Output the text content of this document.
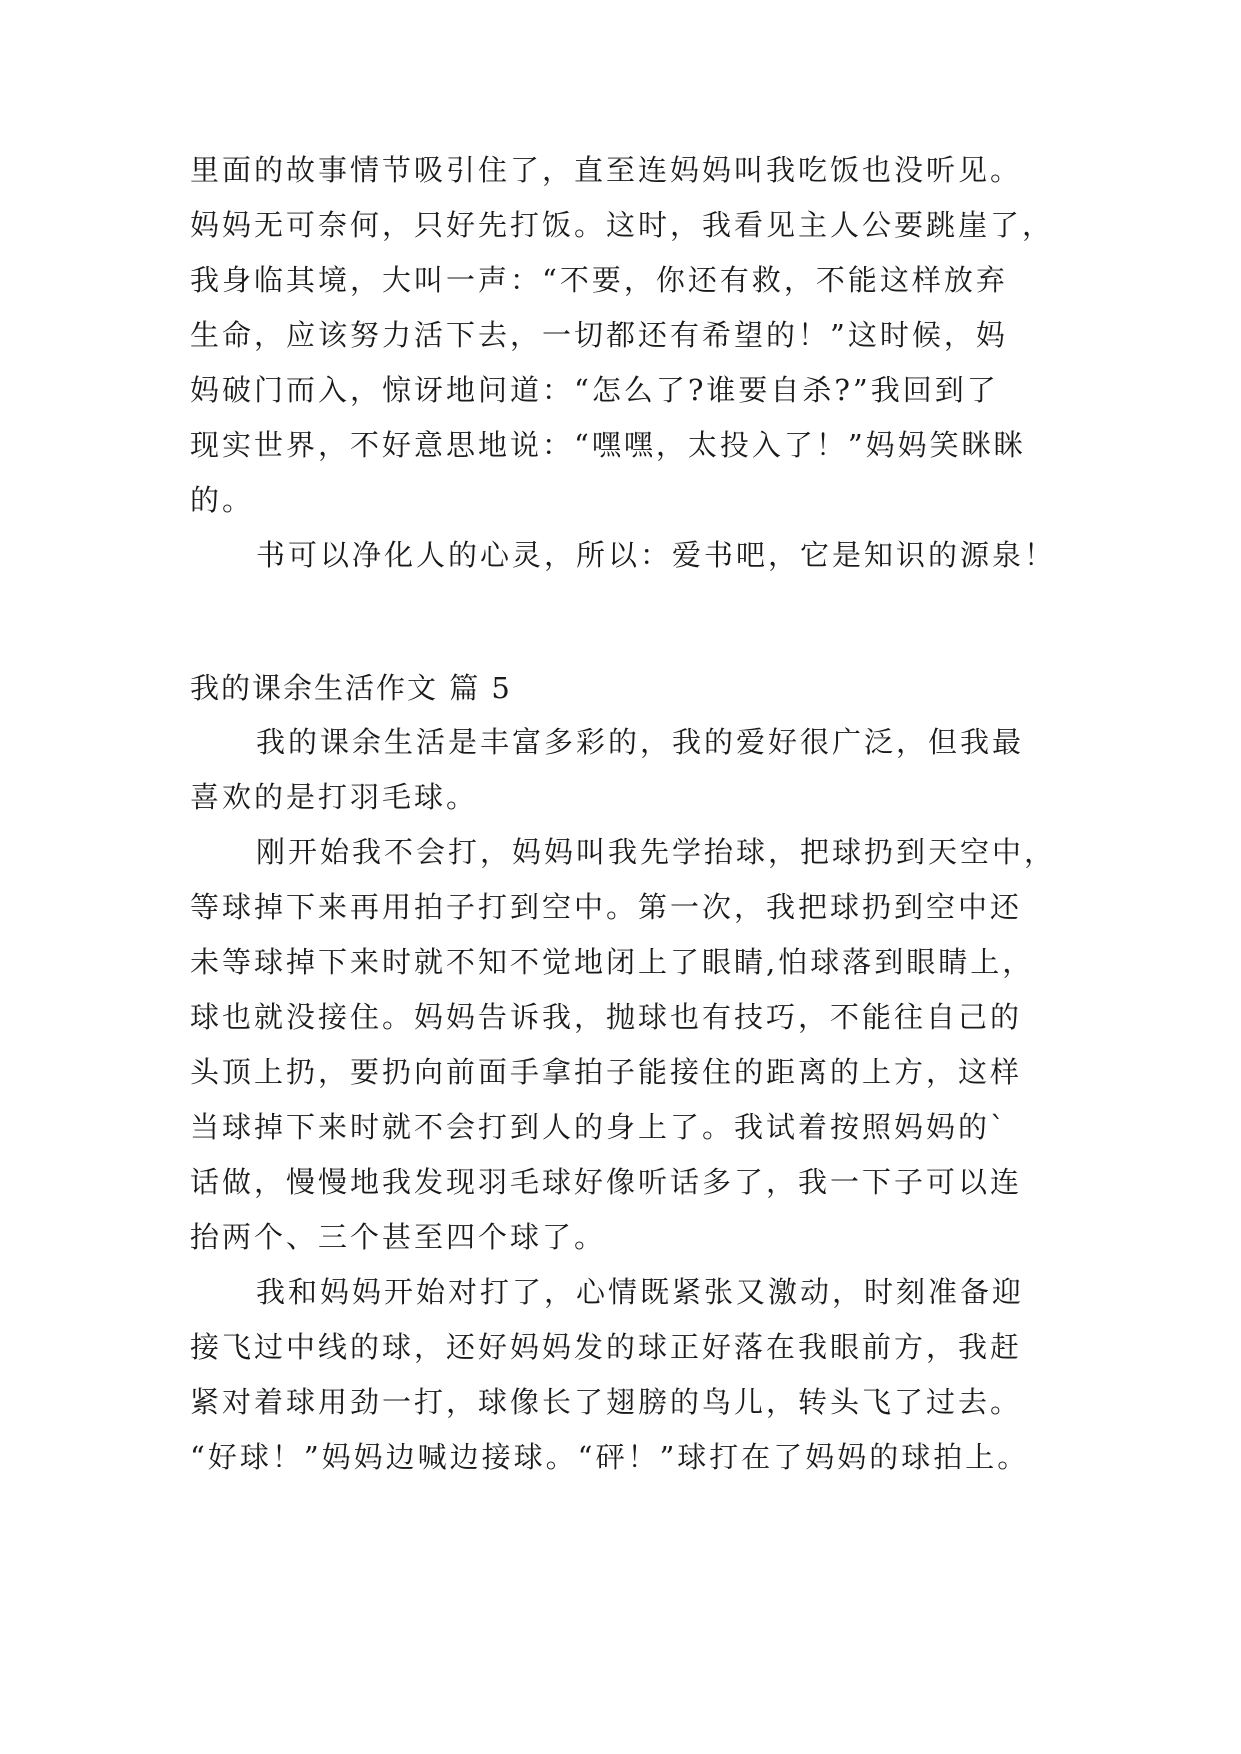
里面的故事情节吸引住了，直至连妈妈叫我吃饭也没听见。
妈妈无可奈何，只好先打饭。这时，我看见主人公要跳崖了，
我身临其境，大叫一声：“不要，你还有救，不能这样放弃
生命，应该努力活下去，一切都还有希望的！”这时候，妈
妈破门而入，惊讶地问道：“怎么了?谁要自杀?”我回到了
现实世界，不好意思地说：“嘿嘿，太投入了！”妈妈笑眯眯
的。
书可以净化人的心灵，所以：爱书吧，它是知识的源泉！
我的课余生活作文 篇 5
我的课余生活是丰富多彩的，我的爱好很广泛，但我最
喜欢的是打羽毛球。
刚开始我不会打，妈妈叫我先学抬球，把球扔到天空中，
等球掉下来再用拍子打到空中。第一次，我把球扔到空中还
未等球掉下来时就不知不觉地闭上了眼睛,怕球落到眼睛上，
球也就没接住。妈妈告诉我，抛球也有技巧，不能往自己的
头顶上扔，要扔向前面手拿拍子能接住的距离的上方，这样
当球掉下来时就不会打到人的身上了。我试着按照妈妈的`
话做，慢慢地我发现羽毛球好像听话多了，我一下子可以连
抬两个、三个甚至四个球了。
我和妈妈开始对打了，心情既紧张又激动，时刻准备迎
接飞过中线的球，还好妈妈发的球正好落在我眼前方，我赶
紧对着球用劲一打，球像长了翅膀的鸟儿，转头飞了过去。
“好球！”妈妈边喊边接球。“砰！”球打在了妈妈的球拍上。
